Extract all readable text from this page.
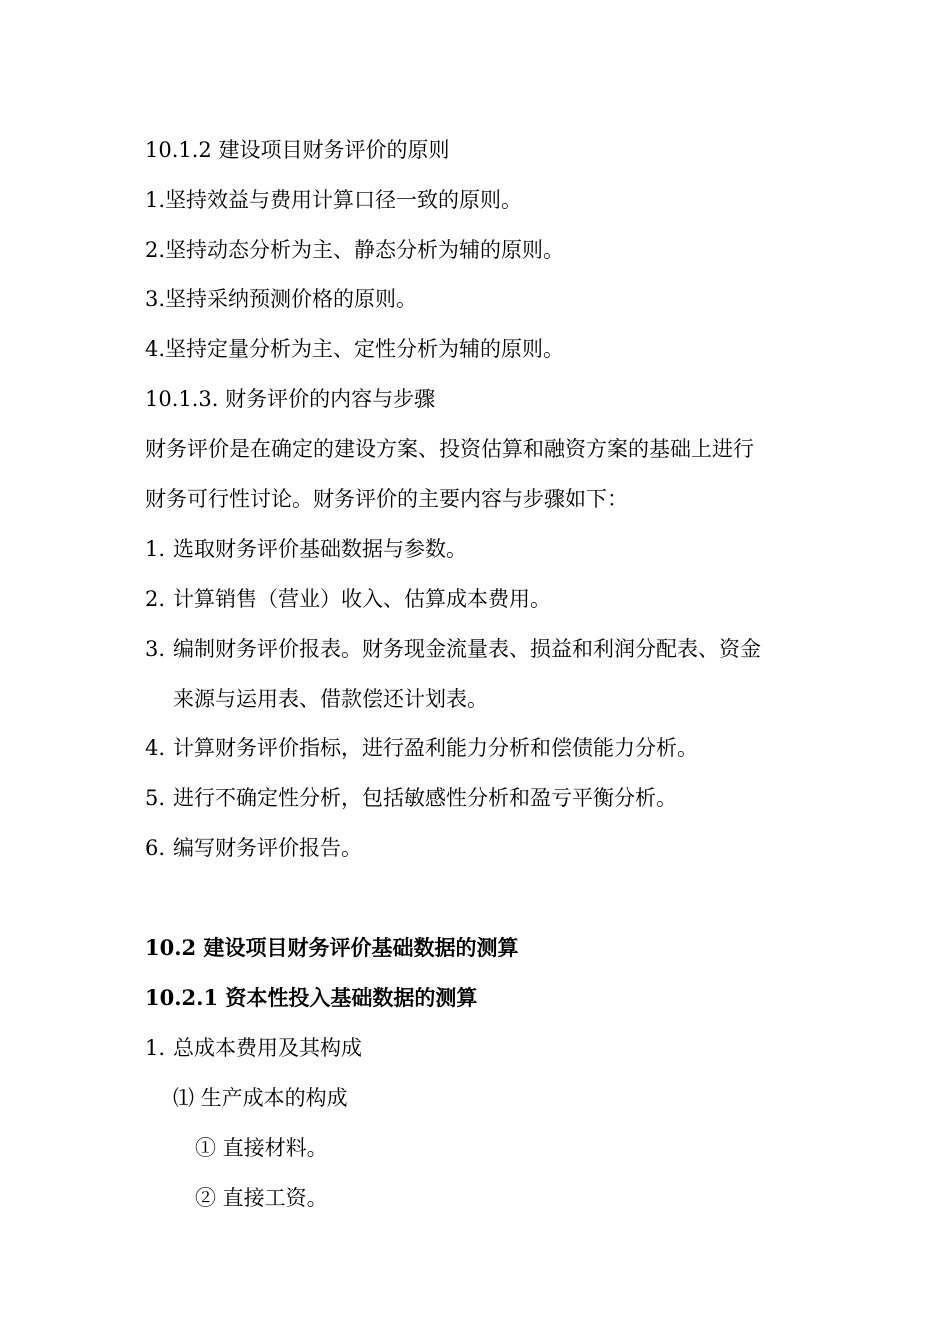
10.1.2 建设项目财务评价的原则
1.坚持效益与费用计算口径一致的原则。
2.坚持动态分析为主、静态分析为辅的原则。
3.坚持采纳预测价格的原则。
4.坚持定量分析为主、定性分析为辅的原则。
10.1.3. 财务评价的内容与步骤
财务评价是在确定的建设方案、投资估算和融资方案的基础上进行
财务可行性讨论。财务评价的主要内容与步骤如下：
1. 选取财务评价基础数据与参数。
2. 计算销售（营业）收入、估算成本费用。
3. 编制财务评价报表。财务现金流量表、损益和利润分配表、资金
来源与运用表、借款偿还计划表。
4. 计算财务评价指标，进行盈利能力分析和偿债能力分析。
5. 进行不确定性分析，包括敏感性分析和盈亏平衡分析。
6. 编写财务评价报告。
10.2 建设项目财务评价基础数据的测算
10.2.1 资本性投入基础数据的测算
1. 总成本费用及其构成
⑴ 生产成本的构成
① 直接材料。
② 直接工资。
